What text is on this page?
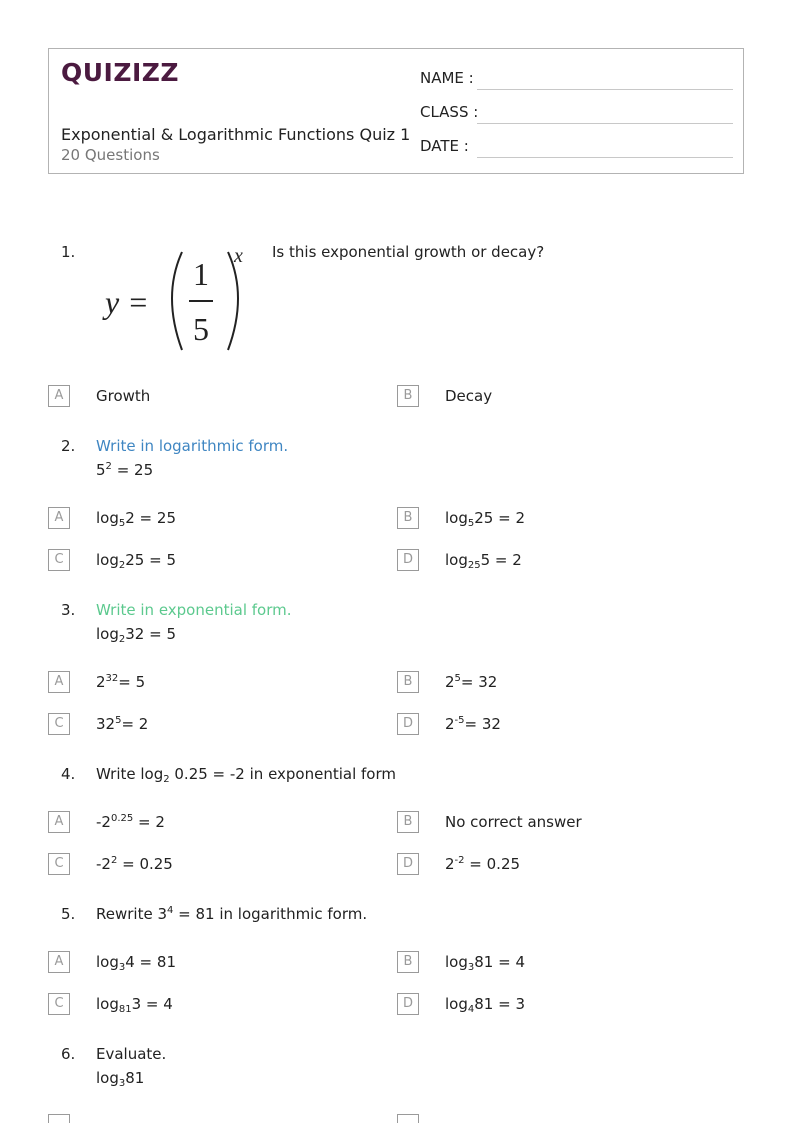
QUIZIZZ
Exponential & Logarithmic Functions Quiz 1
20 Questions
NAME :
CLASS :
DATE :
1.
y =
1
5
x Is this exponential growth or decay?
A	Growth	B	Decay
2. Write in logarithmic form.
$5^2 = 25$
A	$\log_52 = 25$	B	$\log_525 = 2$
C	$\log_225 = 5$	D	$\log_{25}5 = 2$
3. Write in exponential form.
$\log_232 = 5$
A	$2^{32}= 5$	B	$2^5= 32$
C	$32^5= 2$	D	$2^{-5}= 32$
4. Write $\log_2 0.25 = -2$ in exponential form
A	$-2^{0.25} = 2$	B	No correct answer
C	$-2^2 = 0.25$	D	$2^{-2} = 0.25$
5. Rewrite $3^4 = 81$ in logarithmic form.
A	$\log_34 = 81$	B	$\log_381 = 4$
C	$\log_{81}3 = 4$	D	$\log_481 = 3$
6. Evaluate.
$\log_381$
